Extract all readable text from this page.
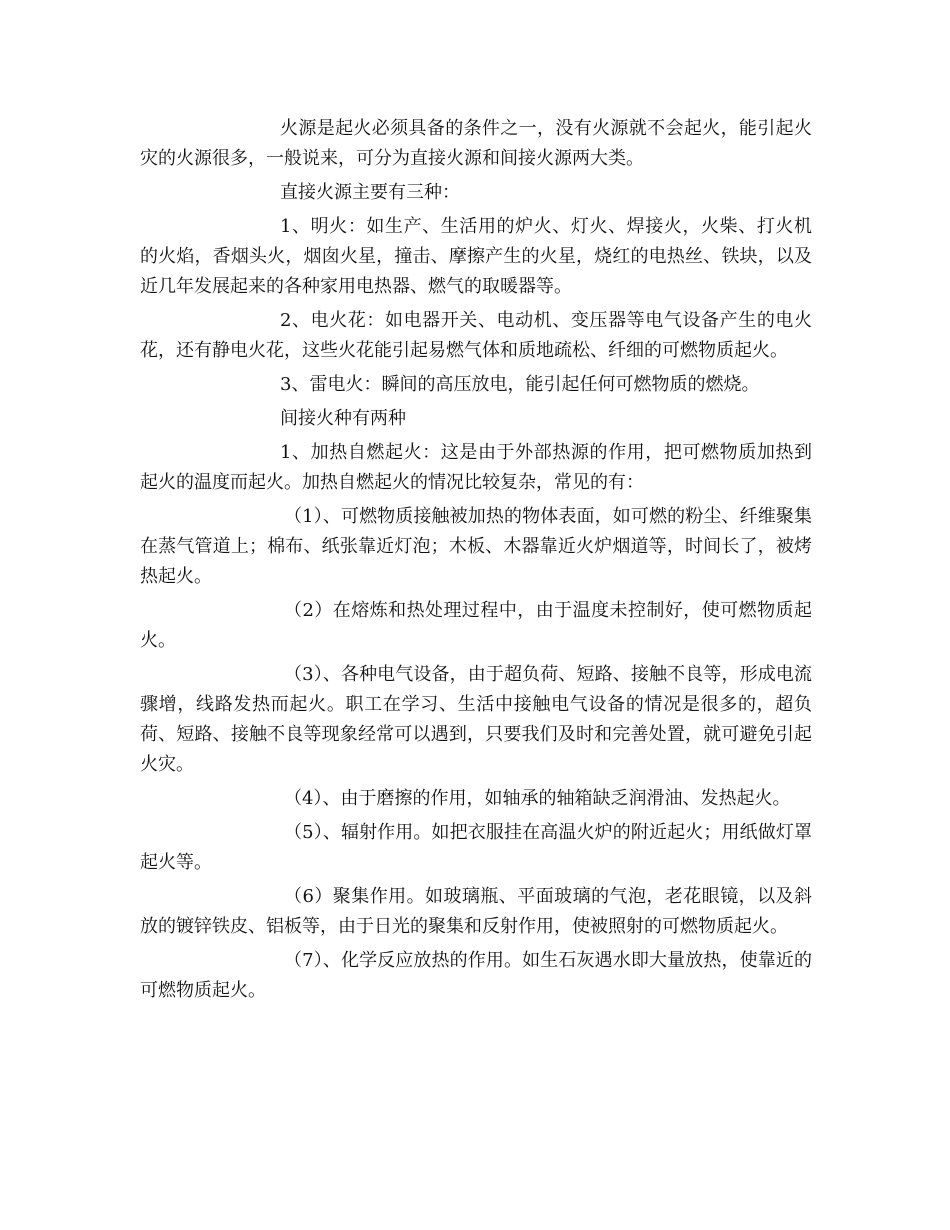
火源是起火必须具备的条件之一，没有火源就不会起火，能引起火灾的火源很多，一般说来，可分为直接火源和间接火源两大类。

直接火源主要有三种：

1、明火：如生产、生活用的炉火、灯火、焊接火，火柴、打火机的火焰，香烟头火，烟囱火星，撞击、摩擦产生的火星，烧红的电热丝、铁块，以及近几年发展起来的各种家用电热器、燃气的取暖器等。

2、电火花：如电器开关、电动机、变压器等电气设备产生的电火花，还有静电火花，这些火花能引起易燃气体和质地疏松、纤细的可燃物质起火。

3、雷电火：瞬间的高压放电，能引起任何可燃物质的燃烧。

间接火种有两种

1、加热自燃起火：这是由于外部热源的作用，把可燃物质加热到起火的温度而起火。加热自燃起火的情况比较复杂，常见的有：

（1）、可燃物质接触被加热的物体表面，如可燃的粉尘、纤维聚集在蒸气管道上；棉布、纸张靠近灯泡；木板、木器靠近火炉烟道等，时间长了，被烤热起火。

（2）在熔炼和热处理过程中，由于温度未控制好，使可燃物质起火。

（3）、各种电气设备，由于超负荷、短路、接触不良等，形成电流骤增，线路发热而起火。职工在学习、生活中接触电气设备的情况是很多的，超负荷、短路、接触不良等现象经常可以遇到，只要我们及时和完善处置，就可避免引起火灾。

（4）、由于磨擦的作用，如轴承的轴箱缺乏润滑油、发热起火。

（5）、辐射作用。如把衣服挂在高温火炉的附近起火；用纸做灯罩起火等。

（6）聚集作用。如玻璃瓶、平面玻璃的气泡，老花眼镜，以及斜放的镀锌铁皮、铝板等，由于日光的聚集和反射作用，使被照射的可燃物质起火。

（7）、化学反应放热的作用。如生石灰遇水即大量放热，使靠近的可燃物质起火。
